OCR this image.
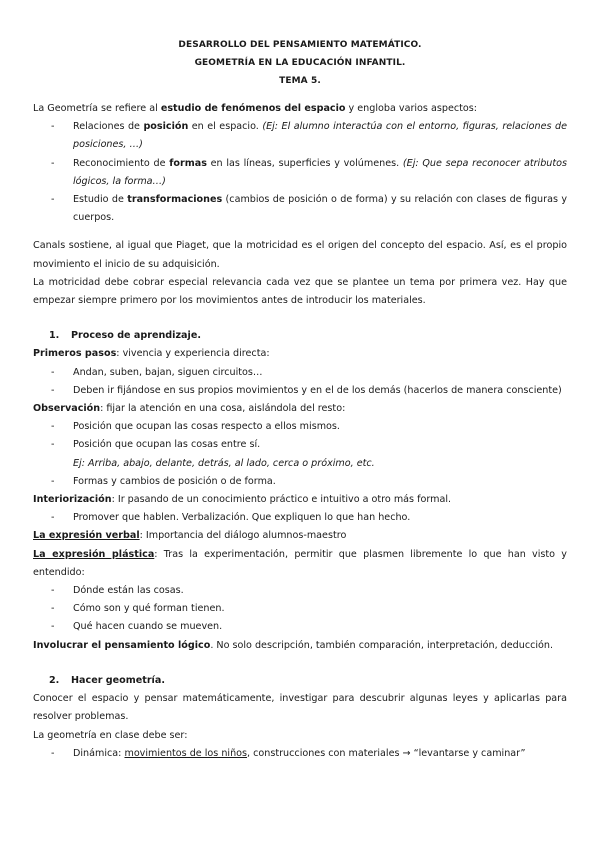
DESARROLLO DEL PENSAMIENTO MATEMÁTICO.
GEOMETRÍA EN LA EDUCACIÓN INFANTIL.
TEMA 5.

La Geometría se refiere al estudio de fenómenos del espacio y engloba varios aspectos:

-	Relaciones de posición en el espacio. (Ej: El alumno interactúa con el entorno, figuras, relaciones de posiciones, …)
-	Reconocimiento de formas en las líneas, superficies y volúmenes. (Ej: Que sepa reconocer atributos lógicos, la forma…)
-	Estudio de transformaciones (cambios de posición o de forma) y su relación con clases de figuras y cuerpos.

Canals sostiene, al igual que Piaget, que la motricidad es el origen del concepto del espacio. Así, es el propio movimiento el inicio de su adquisición.

La motricidad debe cobrar especial relevancia cada vez que se plantee un tema por primera vez. Hay que empezar siempre primero por los movimientos antes de introducir los materiales.

1.	Proceso de aprendizaje.

Primeros pasos: vivencia y experiencia directa:

-	Andan, suben, bajan, siguen circuitos…
-	Deben ir fijándose en sus propios movimientos y en el de los demás (hacerlos de manera consciente)

Observación: fijar la atención en una cosa, aislándola del resto:

-	Posición que ocupan las cosas respecto a ellos mismos.
-	Posición que ocupan las cosas entre sí.
Ej: Arriba, abajo, delante, detrás, al lado, cerca o próximo, etc.
-	Formas y cambios de posición o de forma.

Interiorización: Ir pasando de un conocimiento práctico e intuitivo a otro más formal.

-	Promover que hablen. Verbalización. Que expliquen lo que han hecho.

La expresión verbal: Importancia del diálogo alumnos-maestro

La expresión plástica: Tras la experimentación, permitir que plasmen libremente lo que han visto y entendido:

-	Dónde están las cosas.
-	Cómo son y qué forman tienen.
-	Qué hacen cuando se mueven.

Involucrar el pensamiento lógico. No solo descripción, también comparación, interpretación, deducción.

2.	Hacer geometría.

Conocer el espacio y pensar matemáticamente, investigar para descubrir algunas leyes y aplicarlas para resolver problemas.

La geometría en clase debe ser:

-	Dinámica: movimientos de los niños, construcciones con materiales → “levantarse y caminar”
